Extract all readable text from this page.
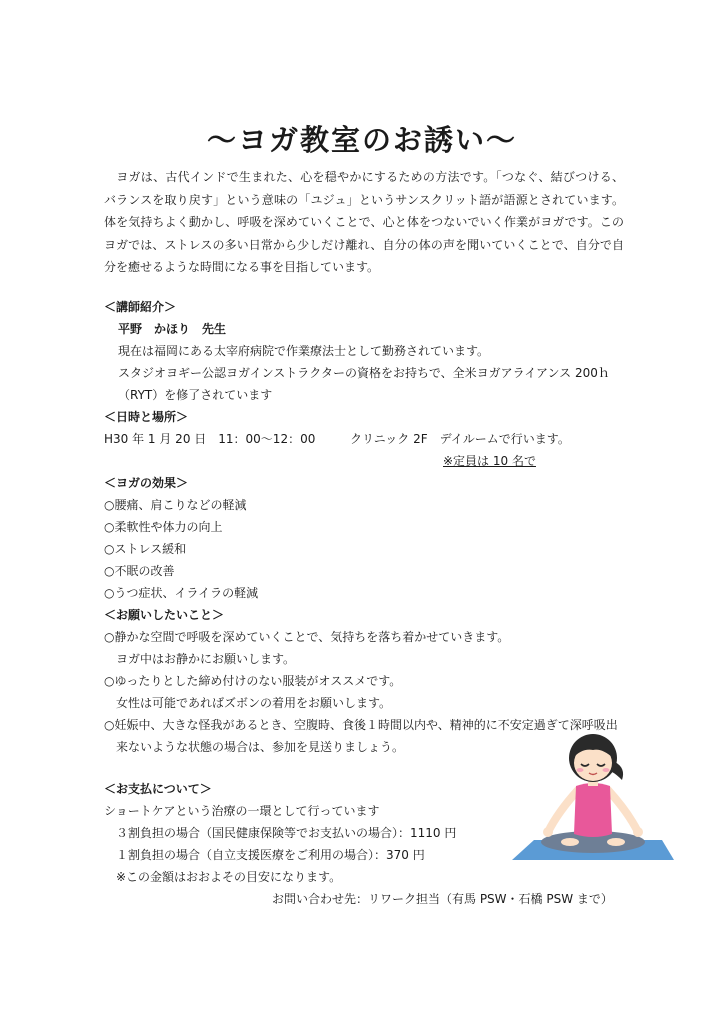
〜ヨガ教室のお誘い〜

　ヨガは、古代インドで生まれた、心を穏やかにするための方法です。「つなぐ、結びつける、バランスを取り戻す」という意味の「ユジュ」というサンスクリット語が語源とされています。体を気持ちよく動かし、呼吸を深めていくことで、心と体をつないでいく作業がヨガです。このヨガでは、ストレスの多い日常から少しだけ離れ、自分の体の声を聞いていくことで、自分で自分を癒せるような時間になる事を目指しています。

＜講師紹介＞
平野　かほり　先生
現在は福岡にある太宰府病院で作業療法士として勤務されています。
スタジオヨギー公認ヨガインストラクターの資格をお持ちで、全米ヨガアライアンス 200ｈ
（RYT）を修了されています
＜日時と場所＞
H30 年 1 月 20 日　11：00〜12：00	クリニック 2F　デイルームで行います。
※定員は 10 名で
＜ヨガの効果＞
○腰痛、肩こりなどの軽減
○柔軟性や体力の向上
○ストレス緩和
○不眠の改善
○うつ症状、イライラの軽減
＜お願いしたいこと＞
○静かな空間で呼吸を深めていくことで、気持ちを落ち着かせていきます。
　ヨガ中はお静かにお願いします。
○ゆったりとした締め付けのない服装がオススメです。
　女性は可能であればズボンの着用をお願いします。
○妊娠中、大きな怪我があるとき、空腹時、食後１時間以内や、精神的に不安定過ぎて深呼吸出
　来ないような状態の場合は、参加を見送りましょう。
＜お支払について＞
ショートケアという治療の一環として行っています
　３割負担の場合（国民健康保険等でお支払いの場合）：1110 円
　１割負担の場合（自立支援医療をご利用の場合）：370 円
　※この金額はおおよその目安になります。
お問い合わせ先：リワーク担当（有馬 PSW・石橋 PSW まで）
